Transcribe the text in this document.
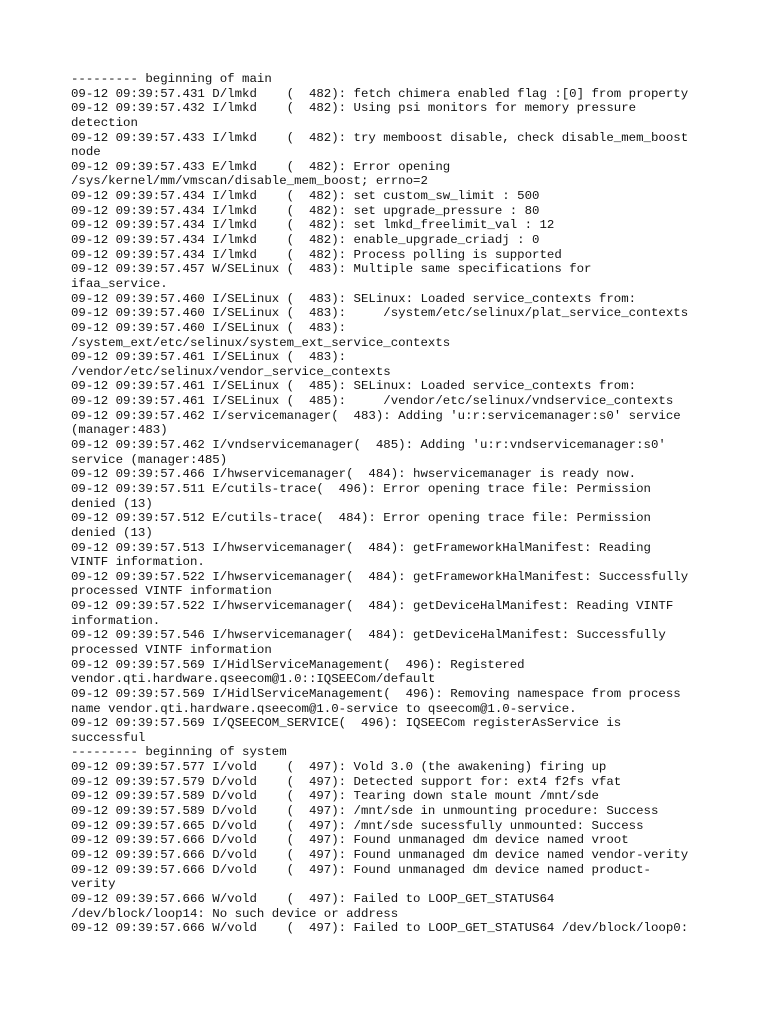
--------- beginning of main
09-12 09:39:57.431 D/lmkd    (  482): fetch chimera enabled flag :[0] from property
09-12 09:39:57.432 I/lmkd    (  482): Using psi monitors for memory pressure
detection
09-12 09:39:57.433 I/lmkd    (  482): try memboost disable, check disable_mem_boost
node
09-12 09:39:57.433 E/lmkd    (  482): Error opening
/sys/kernel/mm/vmscan/disable_mem_boost; errno=2
09-12 09:39:57.434 I/lmkd    (  482): set custom_sw_limit : 500
09-12 09:39:57.434 I/lmkd    (  482): set upgrade_pressure : 80
09-12 09:39:57.434 I/lmkd    (  482): set lmkd_freelimit_val : 12
09-12 09:39:57.434 I/lmkd    (  482): enable_upgrade_criadj : 0
09-12 09:39:57.434 I/lmkd    (  482): Process polling is supported
09-12 09:39:57.457 W/SELinux (  483): Multiple same specifications for
ifaa_service.
09-12 09:39:57.460 I/SELinux (  483): SELinux: Loaded service_contexts from:
09-12 09:39:57.460 I/SELinux (  483):     /system/etc/selinux/plat_service_contexts
09-12 09:39:57.460 I/SELinux (  483):
/system_ext/etc/selinux/system_ext_service_contexts
09-12 09:39:57.461 I/SELinux (  483):
/vendor/etc/selinux/vendor_service_contexts
09-12 09:39:57.461 I/SELinux (  485): SELinux: Loaded service_contexts from:
09-12 09:39:57.461 I/SELinux (  485):     /vendor/etc/selinux/vndservice_contexts
09-12 09:39:57.462 I/servicemanager(  483): Adding 'u:r:servicemanager:s0' service
(manager:483)
09-12 09:39:57.462 I/vndservicemanager(  485): Adding 'u:r:vndservicemanager:s0'
service (manager:485)
09-12 09:39:57.466 I/hwservicemanager(  484): hwservicemanager is ready now.
09-12 09:39:57.511 E/cutils-trace(  496): Error opening trace file: Permission
denied (13)
09-12 09:39:57.512 E/cutils-trace(  484): Error opening trace file: Permission
denied (13)
09-12 09:39:57.513 I/hwservicemanager(  484): getFrameworkHalManifest: Reading
VINTF information.
09-12 09:39:57.522 I/hwservicemanager(  484): getFrameworkHalManifest: Successfully
processed VINTF information
09-12 09:39:57.522 I/hwservicemanager(  484): getDeviceHalManifest: Reading VINTF
information.
09-12 09:39:57.546 I/hwservicemanager(  484): getDeviceHalManifest: Successfully
processed VINTF information
09-12 09:39:57.569 I/HidlServiceManagement(  496): Registered
vendor.qti.hardware.qseecom@1.0::IQSEECom/default
09-12 09:39:57.569 I/HidlServiceManagement(  496): Removing namespace from process
name vendor.qti.hardware.qseecom@1.0-service to qseecom@1.0-service.
09-12 09:39:57.569 I/QSEECOM_SERVICE(  496): IQSEECom registerAsService is
successful
--------- beginning of system
09-12 09:39:57.577 I/vold    (  497): Vold 3.0 (the awakening) firing up
09-12 09:39:57.579 D/vold    (  497): Detected support for: ext4 f2fs vfat
09-12 09:39:57.589 D/vold    (  497): Tearing down stale mount /mnt/sde
09-12 09:39:57.589 D/vold    (  497): /mnt/sde in unmounting procedure: Success
09-12 09:39:57.665 D/vold    (  497): /mnt/sde sucessfully unmounted: Success
09-12 09:39:57.666 D/vold    (  497): Found unmanaged dm device named vroot
09-12 09:39:57.666 D/vold    (  497): Found unmanaged dm device named vendor-verity
09-12 09:39:57.666 D/vold    (  497): Found unmanaged dm device named product-
verity
09-12 09:39:57.666 W/vold    (  497): Failed to LOOP_GET_STATUS64
/dev/block/loop14: No such device or address
09-12 09:39:57.666 W/vold    (  497): Failed to LOOP_GET_STATUS64 /dev/block/loop0:
